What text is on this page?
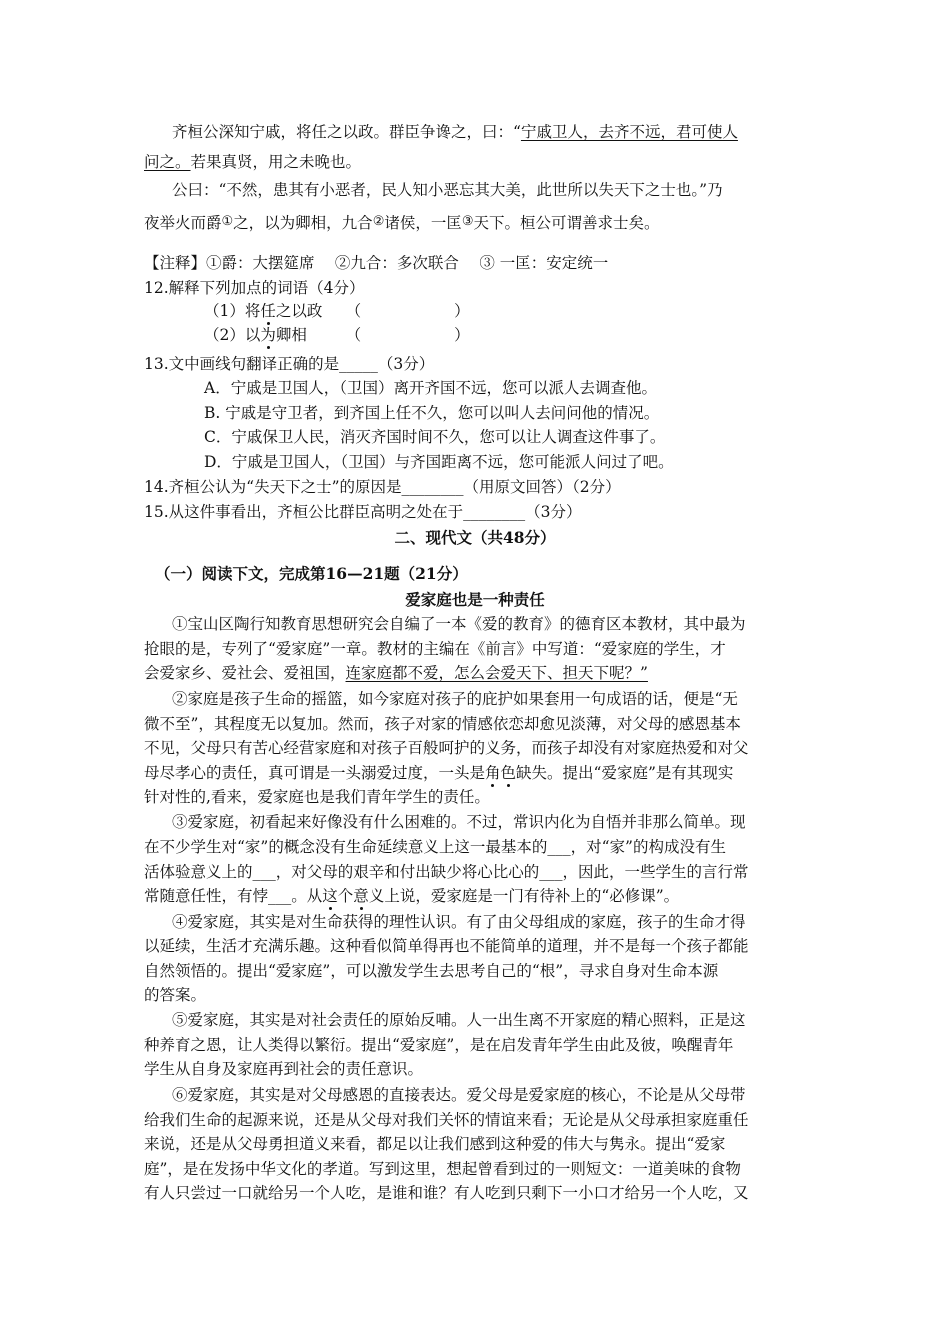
齐桓公深知宁戚，将任之以政。群臣争谗之，曰：“宁戚卫人，去齐不远，君可使人
问之。若果真贤，用之未晚也。
公曰：“不然，患其有小恶者，民人知小恶忘其大美，此世所以失天下之士也。”乃
夜举火而爵①之，以为卿相，九合②诸侯，一匡③天下。桓公可谓善求士矣。
【注释】①爵：大摆筵席　 ②九合：多次联合　 ③ 一匡：安定统一
12.解释下列加点的词语（4分）
（1）将任之以政　　（　　　　　　）
（2）以为卿相　　　（　　　　　　）
13.文中画线句翻译正确的是_____（3分）
A．宁戚是卫国人，（卫国）离开齐国不远，您可以派人去调查他。
B. 宁戚是守卫者，到齐国上任不久，您可以叫人去问问他的情况。
C．宁戚保卫人民，消灭齐国时间不久，您可以让人调查这件事了。
D．宁戚是卫国人，（卫国）与齐国距离不远，您可能派人问过了吧。
14.齐桓公认为“失天下之士”的原因是________（用原文回答）（2分）
15.从这件事看出，齐桓公比群臣高明之处在于________（3分）
二、现代文（共48分）
（一）阅读下文，完成第16—21题（21分）
爱家庭也是一种责任
①宝山区陶行知教育思想研究会自编了一本《爱的教育》的德育区本教材，其中最为
抢眼的是，专列了“爱家庭”一章。教材的主编在《前言》中写道：“爱家庭的学生，才
会爱家乡、爱社会、爱祖国，连家庭都不爱，怎么会爱天下、担天下呢？”
②家庭是孩子生命的摇篮，如今家庭对孩子的庇护如果套用一句成语的话，便是“无
微不至”，其程度无以复加。然而，孩子对家的情感依恋却愈见淡薄，对父母的感恩基本
不见，父母只有苦心经营家庭和对孩子百般呵护的义务，而孩子却没有对家庭热爱和对父
母尽孝心的责任，真可谓是一头溺爱过度，一头是角色缺失。提出“爱家庭”是有其现实
针对性的,看来，爱家庭也是我们青年学生的责任。
③爱家庭，初看起来好像没有什么困难的。不过，常识内化为自悟并非那么简单。现
在不少学生对“家”的概念没有生命延续意义上这一最基本的___，对“家”的构成没有生
活体验意义上的___，对父母的艰辛和付出缺少将心比心的___，因此，一些学生的言行常
常随意任性，有悖___。从这个意义上说，爱家庭是一门有待补上的“必修课”。
④爱家庭，其实是对生命获得的理性认识。有了由父母组成的家庭，孩子的生命才得
以延续，生活才充满乐趣。这种看似简单得再也不能简单的道理，并不是每一个孩子都能
自然领悟的。提出“爱家庭”，可以激发学生去思考自己的“根”，寻求自身对生命本源
的答案。
⑤爱家庭，其实是对社会责任的原始反哺。人一出生离不开家庭的精心照料，正是这
种养育之恩，让人类得以繁衍。提出“爱家庭”，是在启发青年学生由此及彼，唤醒青年
学生从自身及家庭再到社会的责任意识。
⑥爱家庭，其实是对父母感恩的直接表达。爱父母是爱家庭的核心，不论是从父母带
给我们生命的起源来说，还是从父母对我们关怀的情谊来看；无论是从父母承担家庭重任
来说，还是从父母勇担道义来看，都足以让我们感到这种爱的伟大与隽永。提出“爱家
庭”，是在发扬中华文化的孝道。写到这里，想起曾看到过的一则短文：一道美味的食物
有人只尝过一口就给另一个人吃，是谁和谁？有人吃到只剩下一小口才给另一个人吃，又
